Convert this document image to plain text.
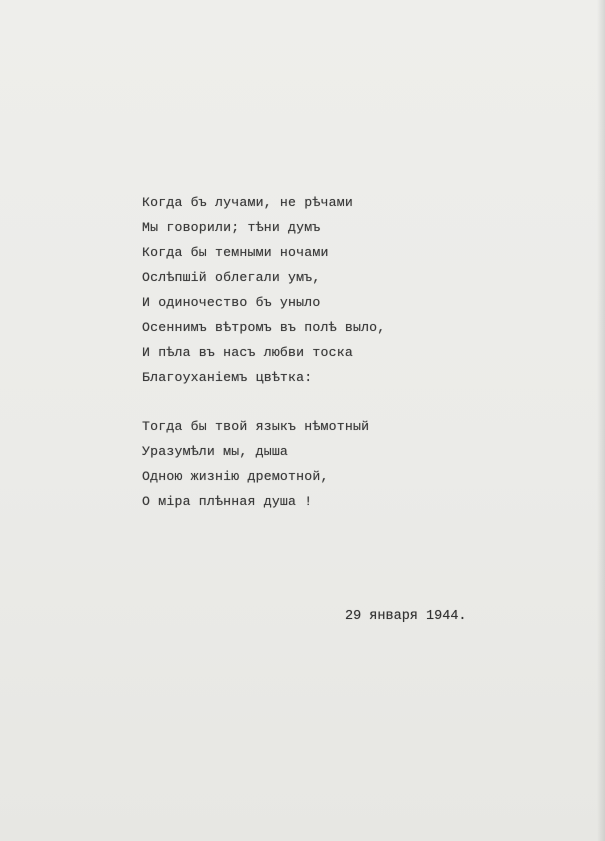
Когда бъ лучами, не рѣчами
Мы говорили; тѣни думъ
Когда бы темными ночами
Ослѣпшій облегали умъ,
И одиночество бъ уныло
Осеннимъ вѣтромъ въ полѣ выло,
И пѣла въ насъ любви тоска
Благоуханіемъ цвѣтка:
Тогда бы твой языкъ нѣмотный
Уразумѣли мы, дыша
Одною жизнію дремотной,
О міра плѣнная душа !
29 января 1944.
